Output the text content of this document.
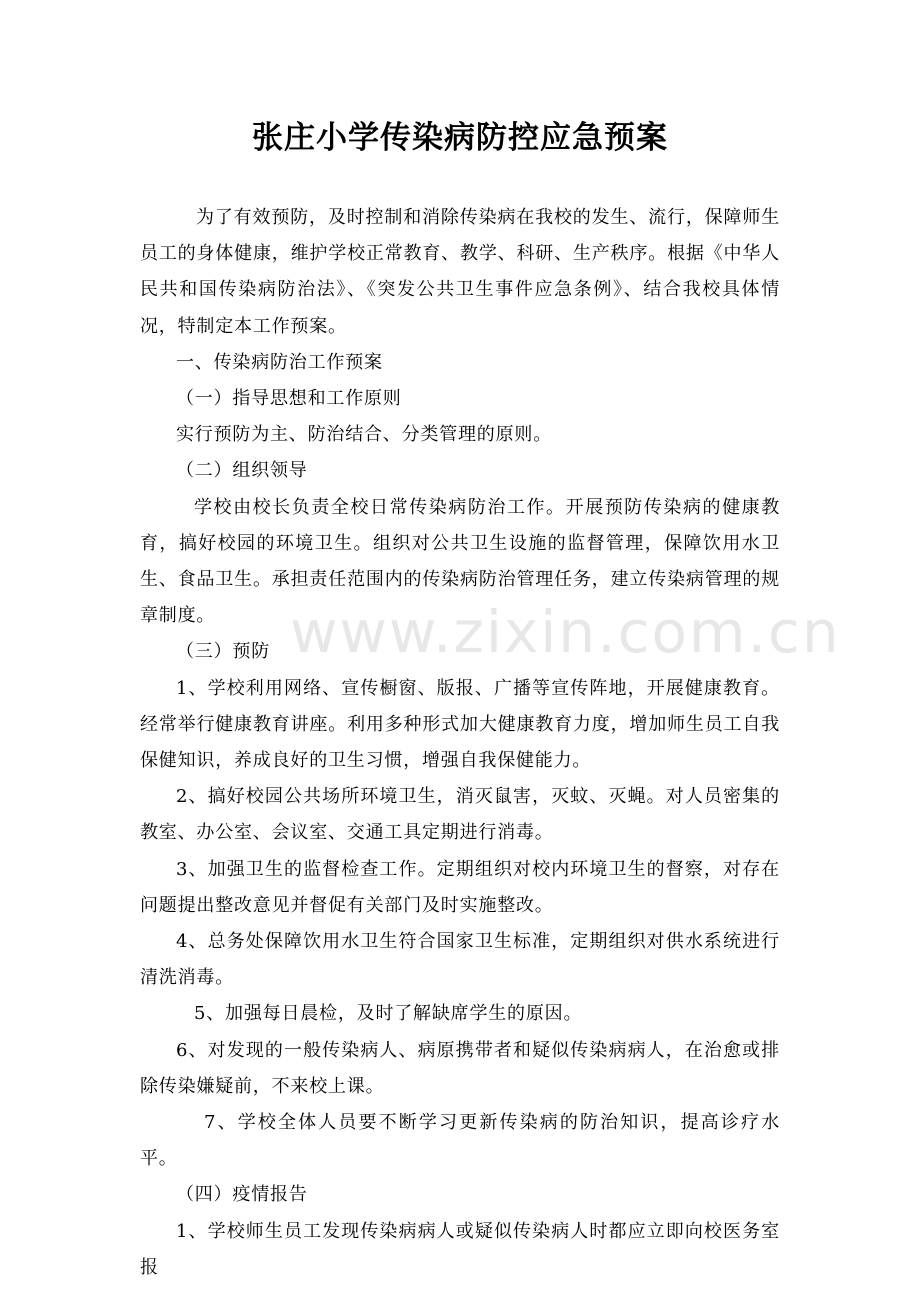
张庄小学传染病防控应急预案
www.zixin.com.cn

为了有效预防，及时控制和消除传染病在我校的发生、流行，保障师生员工的身体健康，维护学校正常教育、教学、科研、生产秩序。根据《中华人民共和国传染病防治法》、《突发公共卫生事件应急条例》、结合我校具体情况，特制定本工作预案。

一、传染病防治工作预案

（一）指导思想和工作原则

实行预防为主、防治结合、分类管理的原则。

（二）组织领导

学校由校长负责全校日常传染病防治工作。开展预防传染病的健康教育，搞好校园的环境卫生。组织对公共卫生设施的监督管理，保障饮用水卫生、食品卫生。承担责任范围内的传染病防治管理任务，建立传染病管理的规章制度。

（三）预防

1、学校利用网络、宣传橱窗、版报、广播等宣传阵地，开展健康教育。经常举行健康教育讲座。利用多种形式加大健康教育力度，增加师生员工自我保健知识，养成良好的卫生习惯，增强自我保健能力。

2、搞好校园公共场所环境卫生，消灭鼠害，灭蚊、灭蝇。对人员密集的教室、办公室、会议室、交通工具定期进行消毒。

3、加强卫生的监督检查工作。定期组织对校内环境卫生的督察，对存在问题提出整改意见并督促有关部门及时实施整改。

4、总务处保障饮用水卫生符合国家卫生标准，定期组织对供水系统进行清洗消毒。

5、加强每日晨检，及时了解缺席学生的原因。

6、对发现的一般传染病人、病原携带者和疑似传染病病人，在治愈或排除传染嫌疑前，不来校上课。

7、学校全体人员要不断学习更新传染病的防治知识，提高诊疗水平。

（四）疫情报告

1、学校师生员工发现传染病病人或疑似传染病人时都应立即向校医务室报
